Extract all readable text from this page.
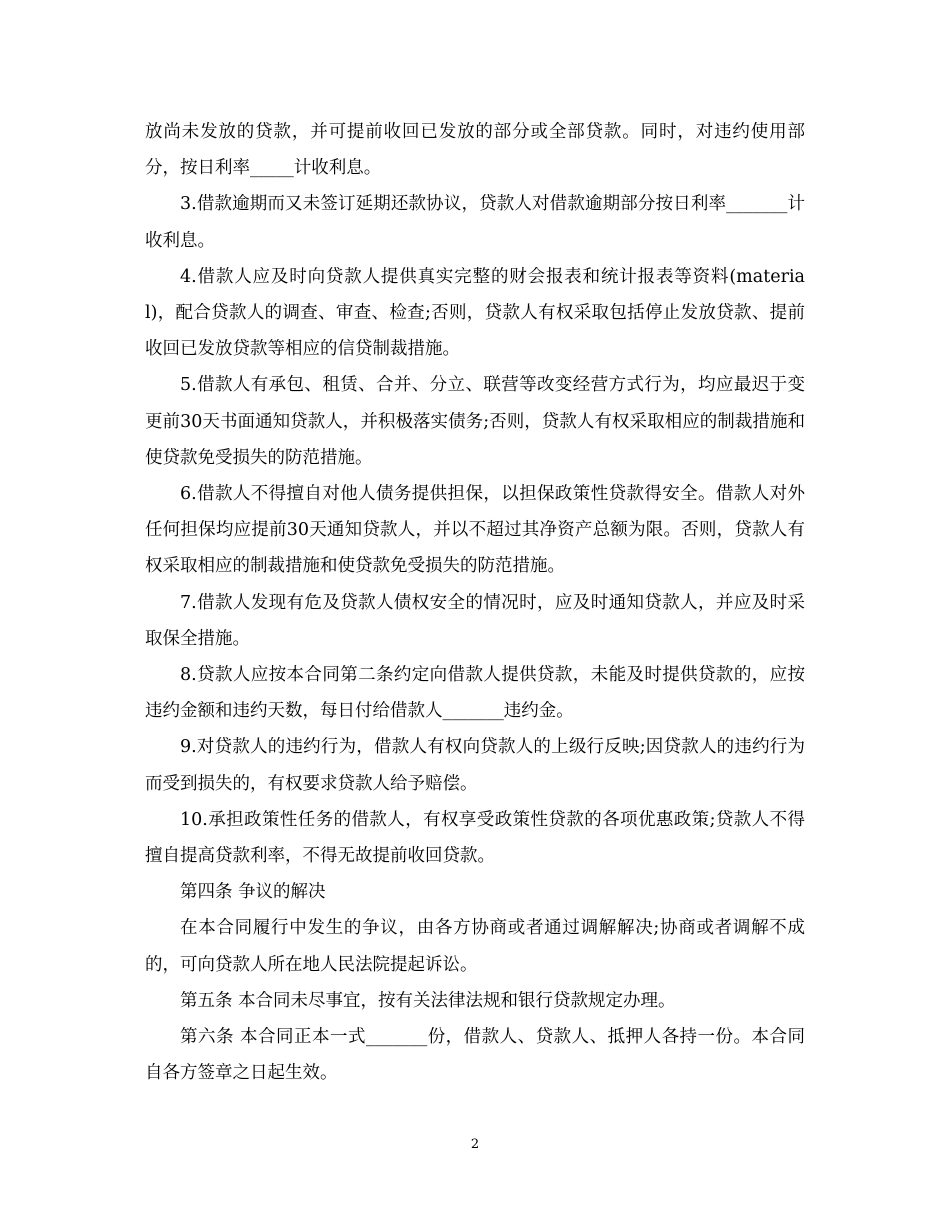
放尚未发放的贷款，并可提前收回已发放的部分或全部贷款。同时，对违约使用部分，按日利率_____计收利息。

3.借款逾期而又未签订延期还款协议，贷款人对借款逾期部分按日利率_______计收利息。

4.借款人应及时向贷款人提供真实完整的财会报表和统计报表等资料(material)，配合贷款人的调查、审查、检查;否则，贷款人有权采取包括停止发放贷款、提前收回已发放贷款等相应的信贷制裁措施。

5.借款人有承包、租赁、合并、分立、联营等改变经营方式行为，均应最迟于变更前30天书面通知贷款人，并积极落实债务;否则，贷款人有权采取相应的制裁措施和使贷款免受损失的防范措施。

6.借款人不得擅自对他人债务提供担保，以担保政策性贷款得安全。借款人对外任何担保均应提前30天通知贷款人，并以不超过其净资产总额为限。否则，贷款人有权采取相应的制裁措施和使贷款免受损失的防范措施。

7.借款人发现有危及贷款人债权安全的情况时，应及时通知贷款人，并应及时采取保全措施。

8.贷款人应按本合同第二条约定向借款人提供贷款，未能及时提供贷款的，应按违约金额和违约天数，每日付给借款人_______违约金。

9.对贷款人的违约行为，借款人有权向贷款人的上级行反映;因贷款人的违约行为而受到损失的，有权要求贷款人给予赔偿。

10.承担政策性任务的借款人，有权享受政策性贷款的各项优惠政策;贷款人不得擅自提高贷款利率，不得无故提前收回贷款。

第四条 争议的解决

在本合同履行中发生的争议，由各方协商或者通过调解解决;协商或者调解不成的，可向贷款人所在地人民法院提起诉讼。

第五条 本合同未尽事宜，按有关法律法规和银行贷款规定办理。

第六条 本合同正本一式_______份，借款人、贷款人、抵押人各持一份。本合同自各方签章之日起生效。

2
